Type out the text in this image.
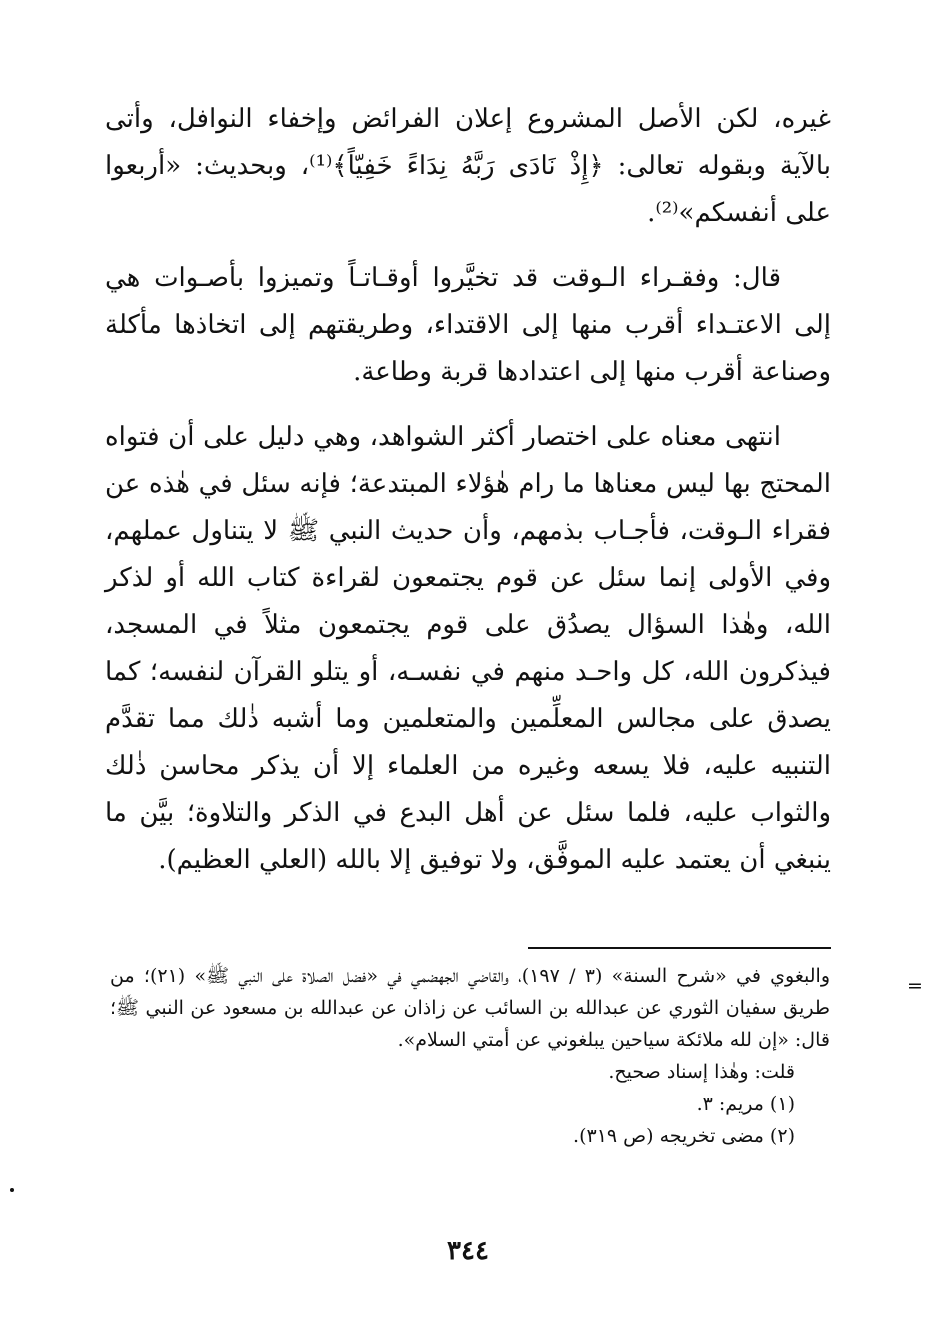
غيره، لكن الأصل المشروع إعلان الفرائض وإخفاء النوافل، وأتى بالآية وبقوله تعالى: ﴿إِذْ نَادَى رَبَّهُ نِدَاءً خَفِيّاً﴾⁽¹⁾، وبحديث: «أربعوا على أنفسكم»⁽²⁾.

قال: وفقـراء الـوقت قد تخيَّروا أوقـاتـاً وتميزوا بأصـوات هي إلى الاعتـداء أقرب منها إلى الاقتداء، وطريقتهم إلى اتخاذها مأكلة وصناعة أقرب منها إلى اعتدادها قربة وطاعة.

انتهى معناه على اختصار أكثر الشواهد، وهي دليل على أن فتواه المحتج بها ليس معناها ما رام هٰؤلاء المبتدعة؛ فإنه سئل في هٰذه عن فقراء الـوقت، فأجـاب بذمهم، وأن حديث النبي ﷺ لا يتناول عملهم، وفي الأولى إنما سئل عن قوم يجتمعون لقراءة كتاب الله أو لذكر الله، وهٰذا السؤال يصدُق على قوم يجتمعون مثلاً في المسجد، فيذكرون الله، كل واحـد منهم في نفسـه، أو يتلو القرآن لنفسه؛ كما يصدق على مجالس المعلِّمين والمتعلمين وما أشبه ذٰلك مما تقدَّم التنبيه عليه، فلا يسعه وغيره من العلماء إلا أن يذكر محاسن ذٰلك والثواب عليه، فلما سئل عن أهل البدع في الذكر والتلاوة؛ بيَّن ما ينبغي أن يعتمد عليه الموفَّق، ولا توفيق إلا بالله (العلي العظيم).

=

والبغوي في «شرح السنة» (٣ / ١٩٧)، والقاضي الجهضمي في «فضل الصلاة على النبي ﷺ» (٢١)؛ من طريق سفيان الثوري عن عبدالله بن السائب عن زاذان عن عبدالله بن مسعود عن النبي ﷺ؛ قال: «إن لله ملائكة سياحين يبلغوني عن أمتي السلام».

قلت: وهٰذا إسناد صحيح.

(١) مريم: ٣.

(٢) مضى تخريجه (ص ٣١٩).

٣٤٤
